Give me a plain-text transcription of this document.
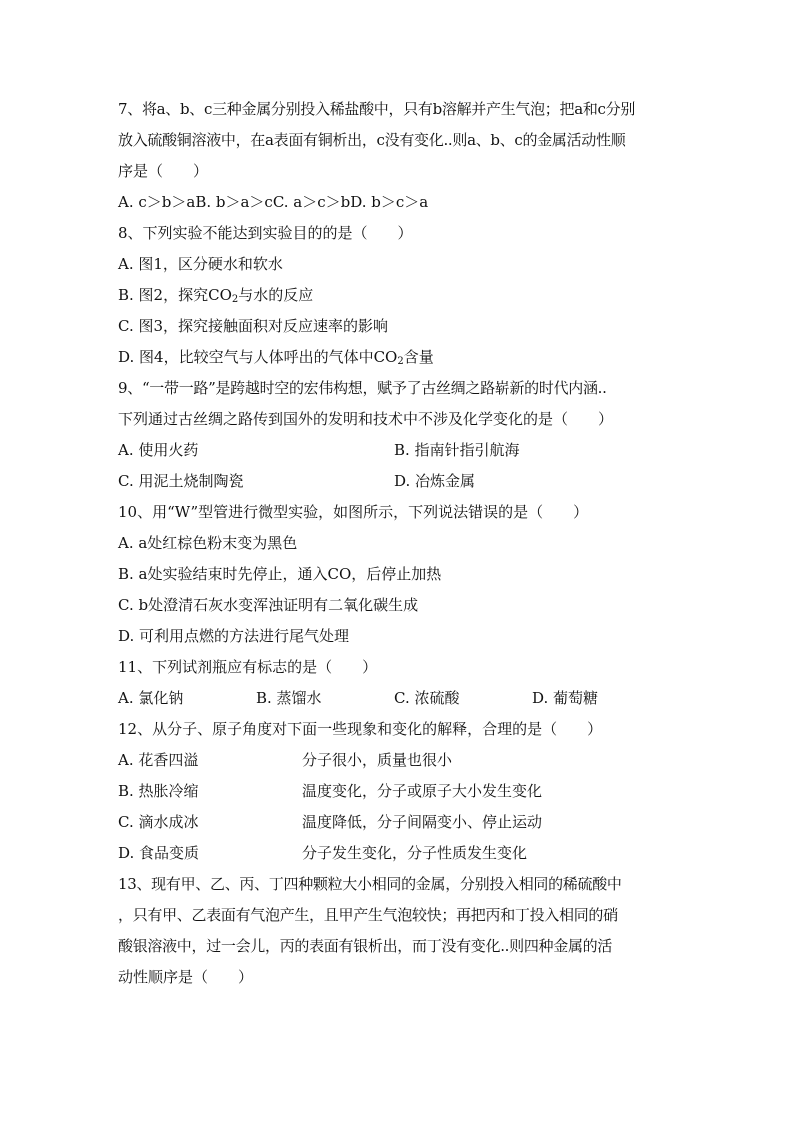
7、将a、b、c三种金属分别投入稀盐酸中，只有b溶解并产生气泡；把a和c分别
放入硫酸铜溶液中，在a表面有铜析出，c没有变化..则a、b、c的金属活动性顺
序是（　　）
A. c＞b＞aB. b＞a＞cC. a＞c＞bD. b＞c＞a
8、下列实验不能达到实验目的的是（　　）
A. 图1，区分硬水和软水
B. 图2，探究$CO_2$与水的反应
C. 图3，探究接触面积对反应速率的影响
D. 图4，比较空气与人体呼出的气体中$CO_2$含量
9、“一带一路”是跨越时空的宏伟构想，赋予了古丝绸之路崭新的时代内涵..
下列通过古丝绸之路传到国外的发明和技术中不涉及化学变化的是（　　）
A. 使用火药	B. 指南针指引航海
C. 用泥土烧制陶瓷	D. 冶炼金属
10、用“W”型管进行微型实验，如图所示，下列说法错误的是（　　）
A. a处红棕色粉末变为黑色
B. a处实验结束时先停止，通入CO，后停止加热
C. b处澄清石灰水变浑浊证明有二氧化碳生成
D. 可利用点燃的方法进行尾气处理
11、下列试剂瓶应有标志的是（　　）
A. 氯化钠	B. 蒸馏水	C. 浓硫酸	D. 葡萄糖
12、从分子、原子角度对下面一些现象和变化的解释，合理的是（　　）
A. 花香四溢	分子很小，质量也很小
B. 热胀冷缩	温度变化，分子或原子大小发生变化
C. 滴水成冰	温度降低，分子间隔变小、停止运动
D. 食品变质	分子发生变化，分子性质发生变化
13、现有甲、乙、丙、丁四种颗粒大小相同的金属，分别投入相同的稀硫酸中
，只有甲、乙表面有气泡产生，且甲产生气泡较快；再把丙和丁投入相同的硝
酸银溶液中，过一会儿，丙的表面有银析出，而丁没有变化..则四种金属的活
动性顺序是（　　）
